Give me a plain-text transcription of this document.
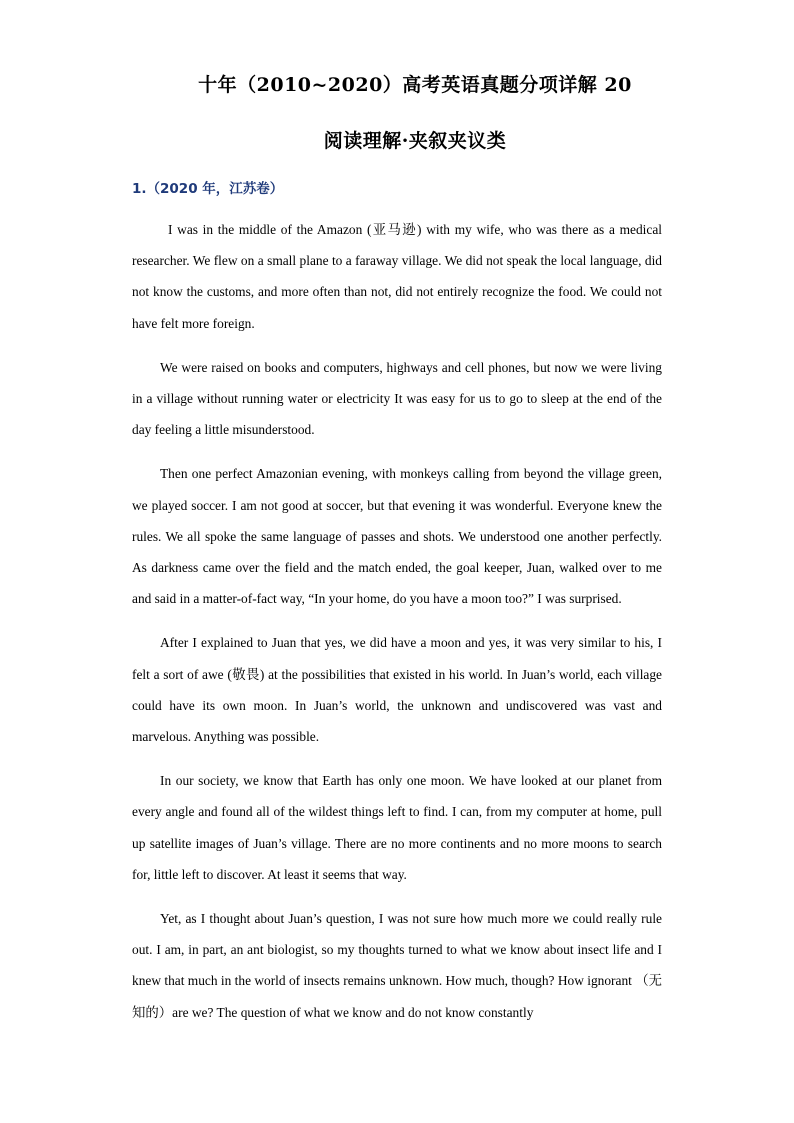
十年（2010~2020）高考英语真题分项详解 20
阅读理解·夹叙夹议类

1.（2020 年，江苏卷）

I was in the middle of the Amazon (亚马逊) with my wife, who was there as a medical researcher. We flew on a small plane to a faraway village. We did not speak the local language, did not know the customs, and more often than not, did not entirely recognize the food. We could not have felt more foreign.

We were raised on books and computers, highways and cell phones, but now we were living in a village without running water or electricity It was easy for us to go to sleep at the end of the day feeling a little misunderstood.

Then one perfect Amazonian evening, with monkeys calling from beyond the village green, we played soccer. I am not good at soccer, but that evening it was wonderful. Everyone knew the rules. We all spoke the same language of passes and shots. We understood one another perfectly. As darkness came over the field and the match ended, the goal keeper, Juan, walked over to me and said in a matter-of-fact way, “In your home, do you have a moon too?” I was surprised.

After I explained to Juan that yes, we did have a moon and yes, it was very similar to his, I felt a sort of awe (敬畏) at the possibilities that existed in his world. In Juan’s world, each village could have its own moon. In Juan’s world, the unknown and undiscovered was vast and marvelous. Anything was possible.

In our society, we know that Earth has only one moon. We have looked at our planet from every angle and found all of the wildest things left to find. I can, from my computer at home, pull up satellite images of Juan’s village. There are no more continents and no more moons to search for, little left to discover. At least it seems that way.

Yet, as I thought about Juan’s question, I was not sure how much more we could really rule out. I am, in part, an ant biologist, so my thoughts turned to what we know about insect life and I knew that much in the world of insects remains unknown. How much, though? How ignorant （无知的）are we? The question of what we know and do not know constantly
